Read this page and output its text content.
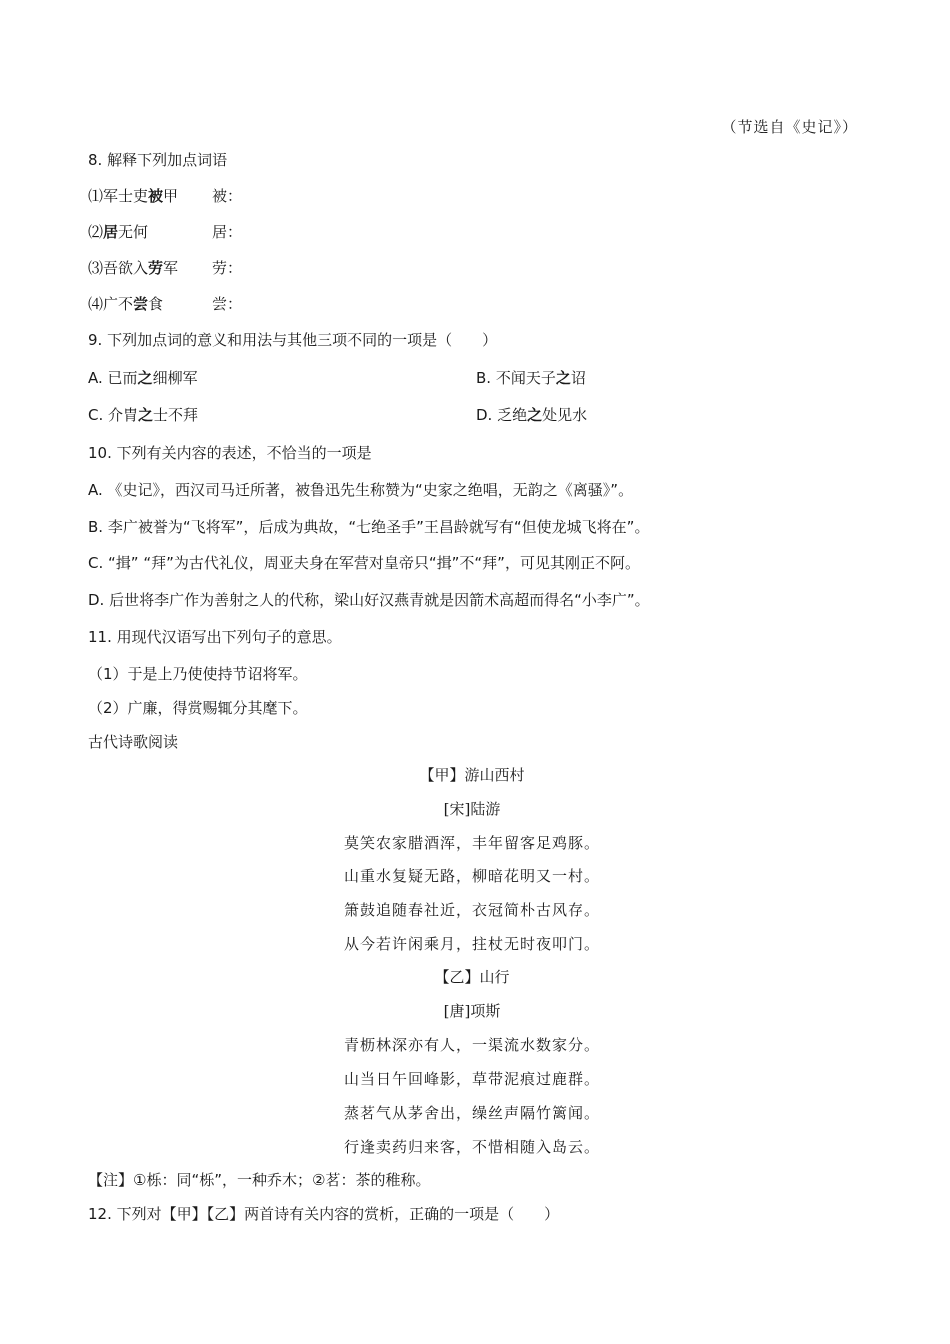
（节选自《史记》）
8. 解释下列加点词语
⑴军士吏被甲 被：
⑵居无何	居：
⑶吾欲入劳军 劳：
⑷广不尝食	尝：
9. 下列加点词的意义和用法与其他三项不同的一项是（　　）
A. 已而之细柳军	B. 不闻天子之诏
C. 介胄之士不拜	D. 乏绝之处见水
10. 下列有关内容的表述，不恰当的一项是
A. 《史记》，西汉司马迁所著，被鲁迅先生称赞为“史家之绝唱，无韵之《离骚》”。
B. 李广被誉为“飞将军”，后成为典故，“七绝圣手”王昌龄就写有“但使龙城飞将在”。
C. “揖” “拜”为古代礼仪，周亚夫身在军营对皇帝只“揖”不“拜”，可见其刚正不阿。
D. 后世将李广作为善射之人的代称，梁山好汉燕青就是因箭术高超而得名“小李广”。
11. 用现代汉语写出下列句子的意思。
（1）于是上乃使使持节诏将军。
（2）广廉，得赏赐辄分其麾下。
古代诗歌阅读
【甲】游山西村
[宋]陆游
莫笑农家腊酒浑，丰年留客足鸡豚。
山重水复疑无路，柳暗花明又一村。
箫鼓追随春社近，衣冠简朴古风存。
从今若许闲乘月，拄杖无时夜叩门。
【乙】山行
[唐]项斯
青枥林深亦有人，一渠流水数家分。
山当日午回峰影，草带泥痕过鹿群。
蒸茗气从茅舍出，缲丝声隔竹篱闻。
行逢卖药归来客，不惜相随入岛云。
【注】①栎：同“栎”，一种乔木；②茗：茶的稚称。
12. 下列对【甲】【乙】两首诗有关内容的赏析，正确的一项是（　　）
